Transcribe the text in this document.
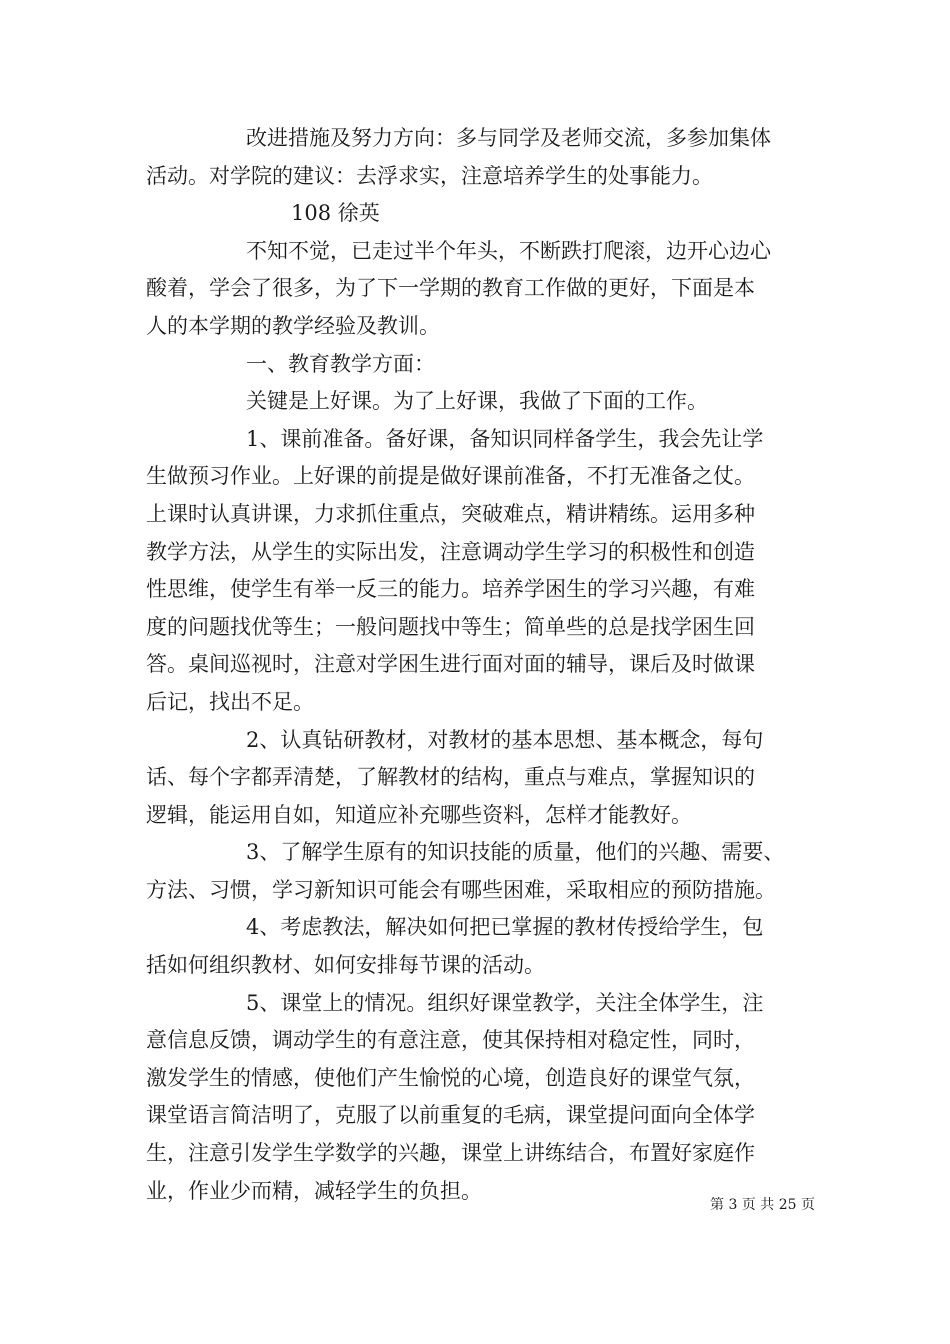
改进措施及努力方向：多与同学及老师交流，多参加集体
活动。对学院的建议：去浮求实，注意培养学生的处事能力。
108 徐英
不知不觉，已走过半个年头，不断跌打爬滚，边开心边心
酸着，学会了很多，为了下一学期的教育工作做的更好，下面是本
人的本学期的教学经验及教训。
一、教育教学方面：
关键是上好课。为了上好课，我做了下面的工作。
1、课前准备。备好课，备知识同样备学生，我会先让学
生做预习作业。上好课的前提是做好课前准备，不打无准备之仗。
上课时认真讲课，力求抓住重点，突破难点，精讲精练。运用多种
教学方法，从学生的实际出发，注意调动学生学习的积极性和创造
性思维，使学生有举一反三的能力。培养学困生的学习兴趣，有难
度的问题找优等生；一般问题找中等生；简单些的总是找学困生回
答。桌间巡视时，注意对学困生进行面对面的辅导，课后及时做课
后记，找出不足。
2、认真钻研教材，对教材的基本思想、基本概念，每句
话、每个字都弄清楚，了解教材的结构，重点与难点，掌握知识的
逻辑，能运用自如，知道应补充哪些资料，怎样才能教好。
3、了解学生原有的知识技能的质量，他们的兴趣、需要、
方法、习惯，学习新知识可能会有哪些困难，采取相应的预防措施。
4、考虑教法，解决如何把已掌握的教材传授给学生，包
括如何组织教材、如何安排每节课的活动。
5、课堂上的情况。组织好课堂教学，关注全体学生，注
意信息反馈，调动学生的有意注意，使其保持相对稳定性，同时，
激发学生的情感，使他们产生愉悦的心境，创造良好的课堂气氛，
课堂语言简洁明了，克服了以前重复的毛病，课堂提问面向全体学
生，注意引发学生学数学的兴趣，课堂上讲练结合，布置好家庭作
业，作业少而精，减轻学生的负担。
第 3 页 共 25 页
